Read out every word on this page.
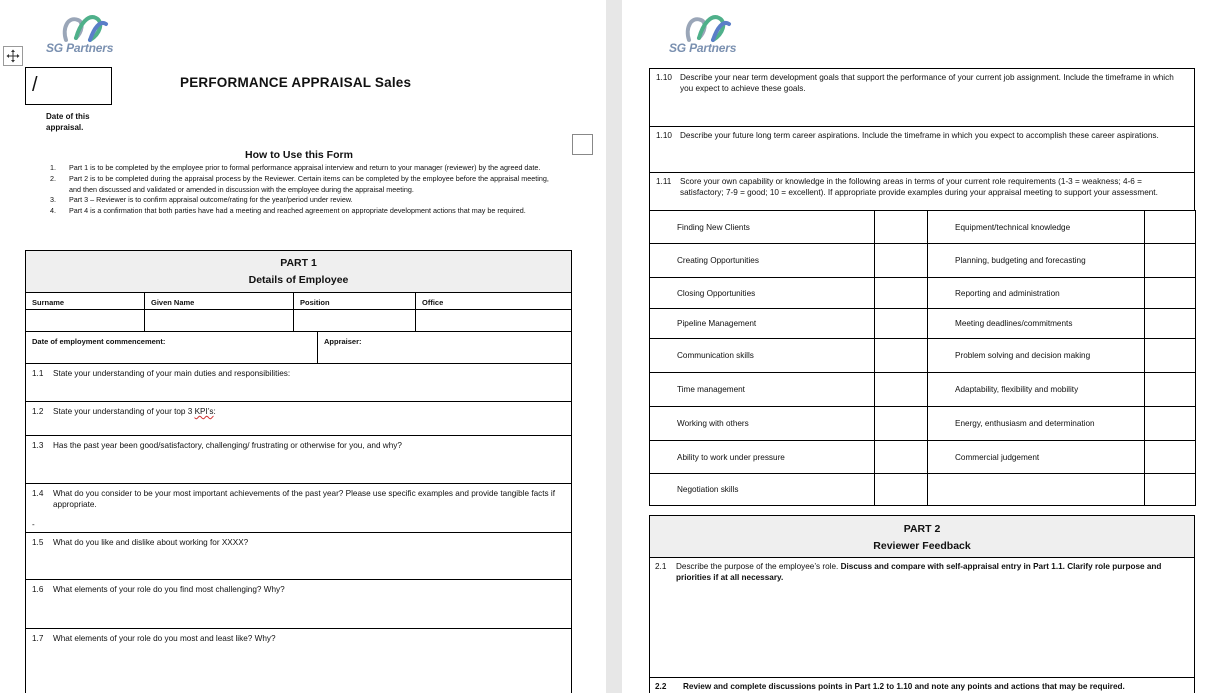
SG Partners
/
Date of this
appraisal.
PERFORMANCE APPRAISAL Sales
How to Use this Form
1.	Part 1 is to be completed by the employee prior to formal performance appraisal interview and return to your manager (reviewer) by the agreed date.
2.	Part 2 is to be completed during the appraisal process by the Reviewer. Certain items can be completed by the employee before the appraisal meeting, and then discussed and validated or amended in discussion with the employee during the appraisal meeting.
3.	Part 3 – Reviewer is to confirm appraisal outcome/rating for the year/period under review.
4.	Part 4 is a confirmation that both parties have had a meeting and reached agreement on appropriate development actions that may be required.
PART 1
Details of Employee				

Surname	Given Name	Position		Office

Date of employment commencement:			Appraiser:	

1.1 State your understanding of your main duties and responsibilities:				

1.2 State your understanding of your top 3 KPI’s:				

1.3 Has the past year been good/satisfactory, challenging/ frustrating or otherwise for you, and why?				

1.4 What do you consider to be your most important achievements of the past year? Please use specific examples and provide tangible facts if appropriate.
-				

1.5 What do you like and dislike about working for XXXX?				

1.6 What elements of your role do you find most challenging? Why?				

1.7 What elements of your role do you most and least like? Why?				
SG Partners
1.10 Describe your near term development goals that support the performance of your current job assignment. Include the timeframe in which you expect to achieve these goals.

1.10 Describe your future long term career aspirations. Include the timeframe in which you expect to accomplish these career aspirations.

1.11	Score your own capability or knowledge in the following areas in terms of your current role requirements (1-3 = weakness; 4-6 = satisfactory; 7-9 = good; 10 = excellent). If appropriate provide examples during your appraisal meeting to support your assessment.
Finding New Clients		Equipment/technical knowledge	
Creating Opportunities		Planning, budgeting and forecasting	
Closing Opportunities		Reporting and administration	
Pipeline Management		Meeting deadlines/commitments	
Communication skills		Problem solving and decision making	
Time management		Adaptability, flexibility and mobility	
Working with others		Energy, enthusiasm and determination	
Ability to work under pressure		Commercial judgement	
Negotiation skills			
PART 2
Reviewer Feedback

2.1	Describe the purpose of the employee’s role. Discuss and compare with self-appraisal entry in Part 1.1. Clarify role purpose and priorities if at all necessary.

2.2	Review and complete discussions points in Part 1.2 to 1.10 and note any points and actions that may be required.
